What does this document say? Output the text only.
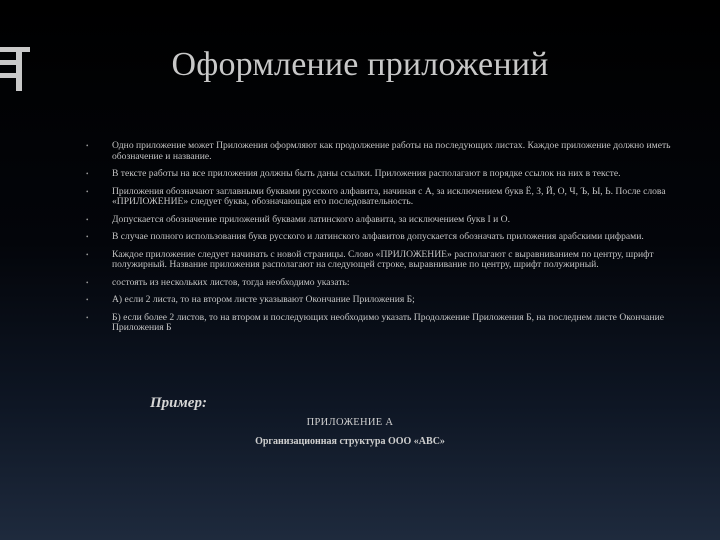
Оформление приложений
• Одно приложение может Приложения оформляют как продолжение работы на последующих листах. Каждое приложение должно иметь обозначение и название.
• В тексте работы на все приложения должны быть даны ссылки. Приложения располагают в порядке ссылок на них в тексте.
• Приложения обозначают заглавными буквами русского алфавита, начиная с А, за исключением букв Ё, З, Й, О, Ч, Ъ, Ы, Ь. После слова «ПРИЛОЖЕНИЕ» следует буква, обозначающая его последовательность.
• Допускается обозначение приложений буквами латинского алфавита, за исключением букв I и O.
• В случае полного использования букв русского и латинского алфавитов допускается обозначать приложения арабскими цифрами.
• Каждое приложение следует начинать с новой страницы. Слово «ПРИЛОЖЕНИЕ» располагают с выравниванием по центру, шрифт полужирный. Название приложения располагают на следующей строке, выравнивание по центру, шрифт полужирный.
• состоять из нескольких листов, тогда необходимо указать:
• А) если 2 листа, то на втором листе указывают Окончание Приложения Б;
• Б) если более 2 листов, то на втором и последующих необходимо указать Продолжение Приложения Б, на последнем листе Окончание Приложения Б
Пример:
ПРИЛОЖЕНИЕ А
Организационная структура ООО «АВС»
